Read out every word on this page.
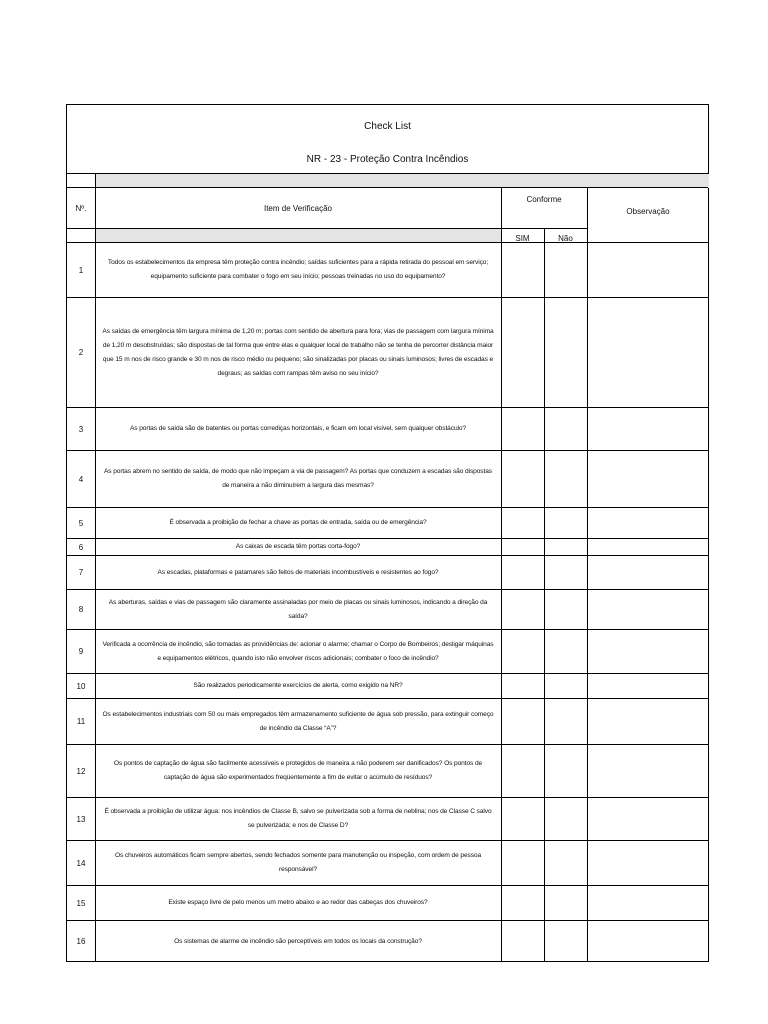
Check List
NR - 23 - Proteção Contra Incêndios
Nº.	Item de Verificação
Conforme
Observação
SIM	Não
1
Todos os estabelecimentos da empresa têm proteção contra incêndio; saídas suficientes para a rápida retirada do pessoal em serviço; equipamento suficiente para combater o fogo em seu início; pessoas treinadas no uso do equipamento?
2
As saídas de emergência têm largura mínima de 1,20 m; portas com sentido de abertura para fora; vias de passagem com largura mínima de 1,20 m desobstruídas; são dispostas de tal forma que entre elas e qualquer local de trabalho não se tenha de percorrer distância maior que 15 m nos de risco grande e 30 m nos de risco médio ou pequeno; são sinalizadas por placas ou sinais luminosos; livres de escadas e degraus; as saídas com rampas têm aviso no seu início?
3	As portas de saída são de batentes ou portas corrediças horizontais, e ficam em local visível, sem qualquer obstáculo?
4
As portas abrem no sentido de saída, de modo que não impeçam a via de passagem? As portas que conduzem a escadas são dispostas de maneira a não diminuírem a largura das mesmas?
5	É observada a proibição de fechar a chave as portas de entrada, saída ou de emergência?
6	As caixas de escada têm portas corta-fogo?
7	As escadas, plataformas e patamares são feitos de materiais incombustíveis e resistentes ao fogo?
8
As aberturas, saídas e vias de passagem são claramente assinaladas por meio de placas ou sinais luminosos, indicando a direção da saída?
9
Verificada a ocorrência de incêndio, são tomadas as providências de: acionar o alarme; chamar o Corpo de Bombeiros; desligar máquinas e equipamentos elétricos, quando isto não envolver riscos adicionais; combater o foco de incêndio?
10	São realizados periodicamente exercícios de alerta, como exigido na NR?
11
Os estabelecimentos industriais com 50 ou mais empregados têm armazenamento suficiente de água sob pressão, para extinguir começo de incêndio da Classe “A”?
12
Os pontos de captação de água são facilmente acessíveis e protegidos de maneira a não poderem ser danificados? Os pontos de captação de água são experimentados freqüentemente a fim de evitar o acúmulo de resíduos?
13
É observada a proibição de utilizar água: nos incêndios de Classe B, salvo se pulverizada sob a forma de neblina; nos de Classe C salvo se pulverizada; e nos de Classe D?
14
Os chuveiros automáticos ficam sempre abertos, sendo fechados somente para manutenção ou inspeção, com ordem de pessoa responsável?
15	Existe espaço livre de pelo menos um metro abaixo e ao redor das cabeças dos chuveiros?
16	Os sistemas de alarme de incêndio são perceptíveis em todos os locais da construção?
